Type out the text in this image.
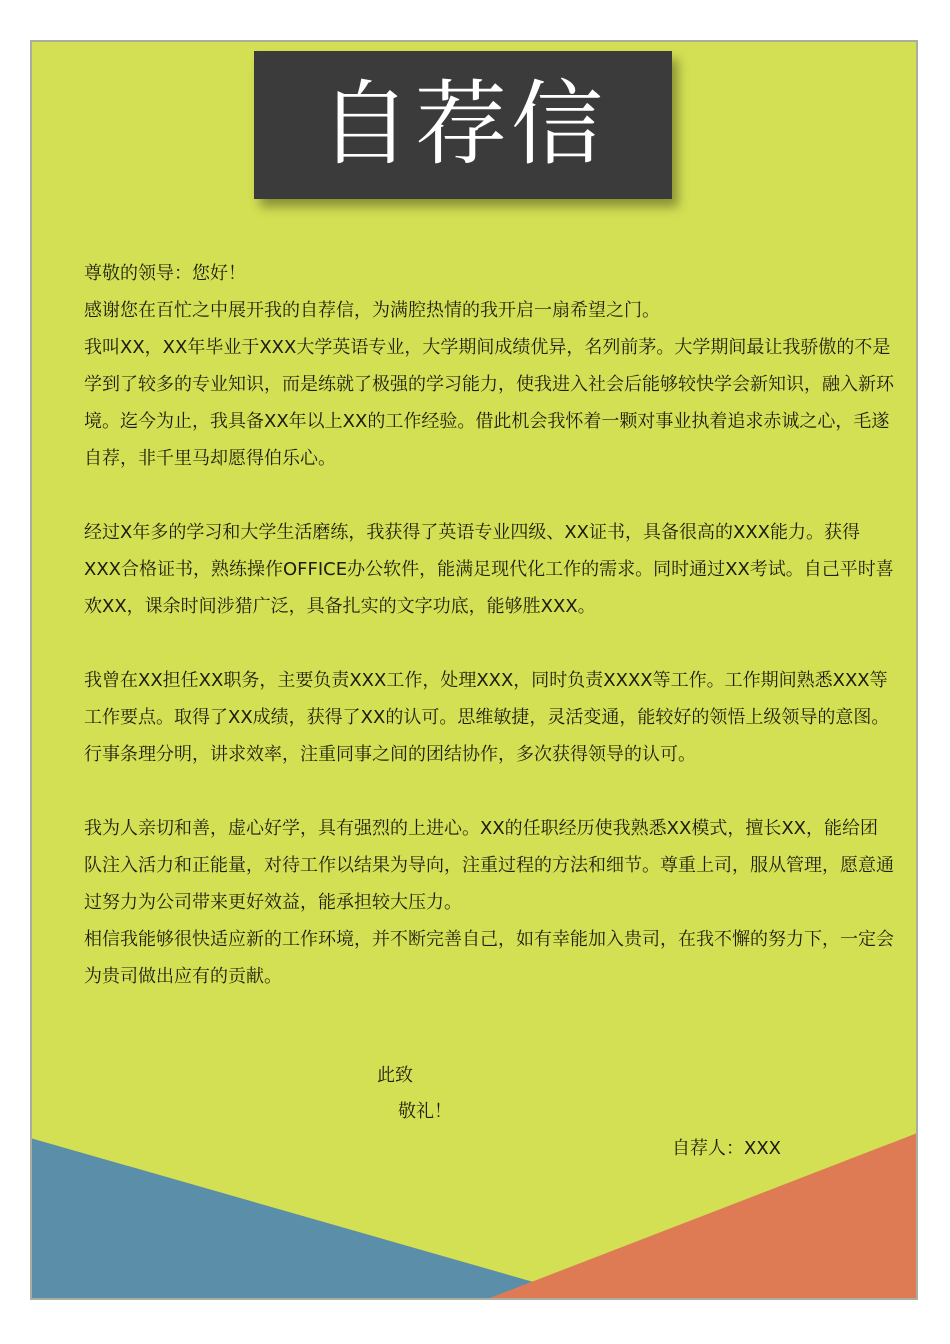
自荐信

尊敬的领导：您好！

感谢您在百忙之中展开我的自荐信，为满腔热情的我开启一扇希望之门。
我叫XX，XX年毕业于XXX大学英语专业，大学期间成绩优异，名列前茅。大学期间最让我骄傲的不是学到了较多的专业知识，而是练就了极强的学习能力，使我进入社会后能够较快学会新知识，融入新环境。迄今为止，我具备XX年以上XX的工作经验。借此机会我怀着一颗对事业执着追求赤诚之心，毛遂自荐，非千里马却愿得伯乐心。

经过X年多的学习和大学生活磨练，我获得了英语专业四级、XX证书，具备很高的XXX能力。获得XXX合格证书，熟练操作OFFICE办公软件，能满足现代化工作的需求。同时通过XX考试。自己平时喜欢XX，课余时间涉猎广泛，具备扎实的文字功底，能够胜XXX。

我曾在XX担任XX职务，主要负责XXX工作，处理XXX，同时负责XXXX等工作。工作期间熟悉XXX等工作要点。取得了XX成绩，获得了XX的认可。思维敏捷，灵活变通，能较好的领悟上级领导的意图。行事条理分明，讲求效率，注重同事之间的团结协作，多次获得领导的认可。

我为人亲切和善，虚心好学，具有强烈的上进心。XX的任职经历使我熟悉XX模式，擅长XX，能给团队注入活力和正能量，对待工作以结果为导向，注重过程的方法和细节。尊重上司，服从管理，愿意通过努力为公司带来更好效益，能承担较大压力。
相信我能够很快适应新的工作环境，并不断完善自己，如有幸能加入贵司，在我不懈的努力下，一定会为贵司做出应有的贡献。

此致
敬礼！
自荐人：XXX
